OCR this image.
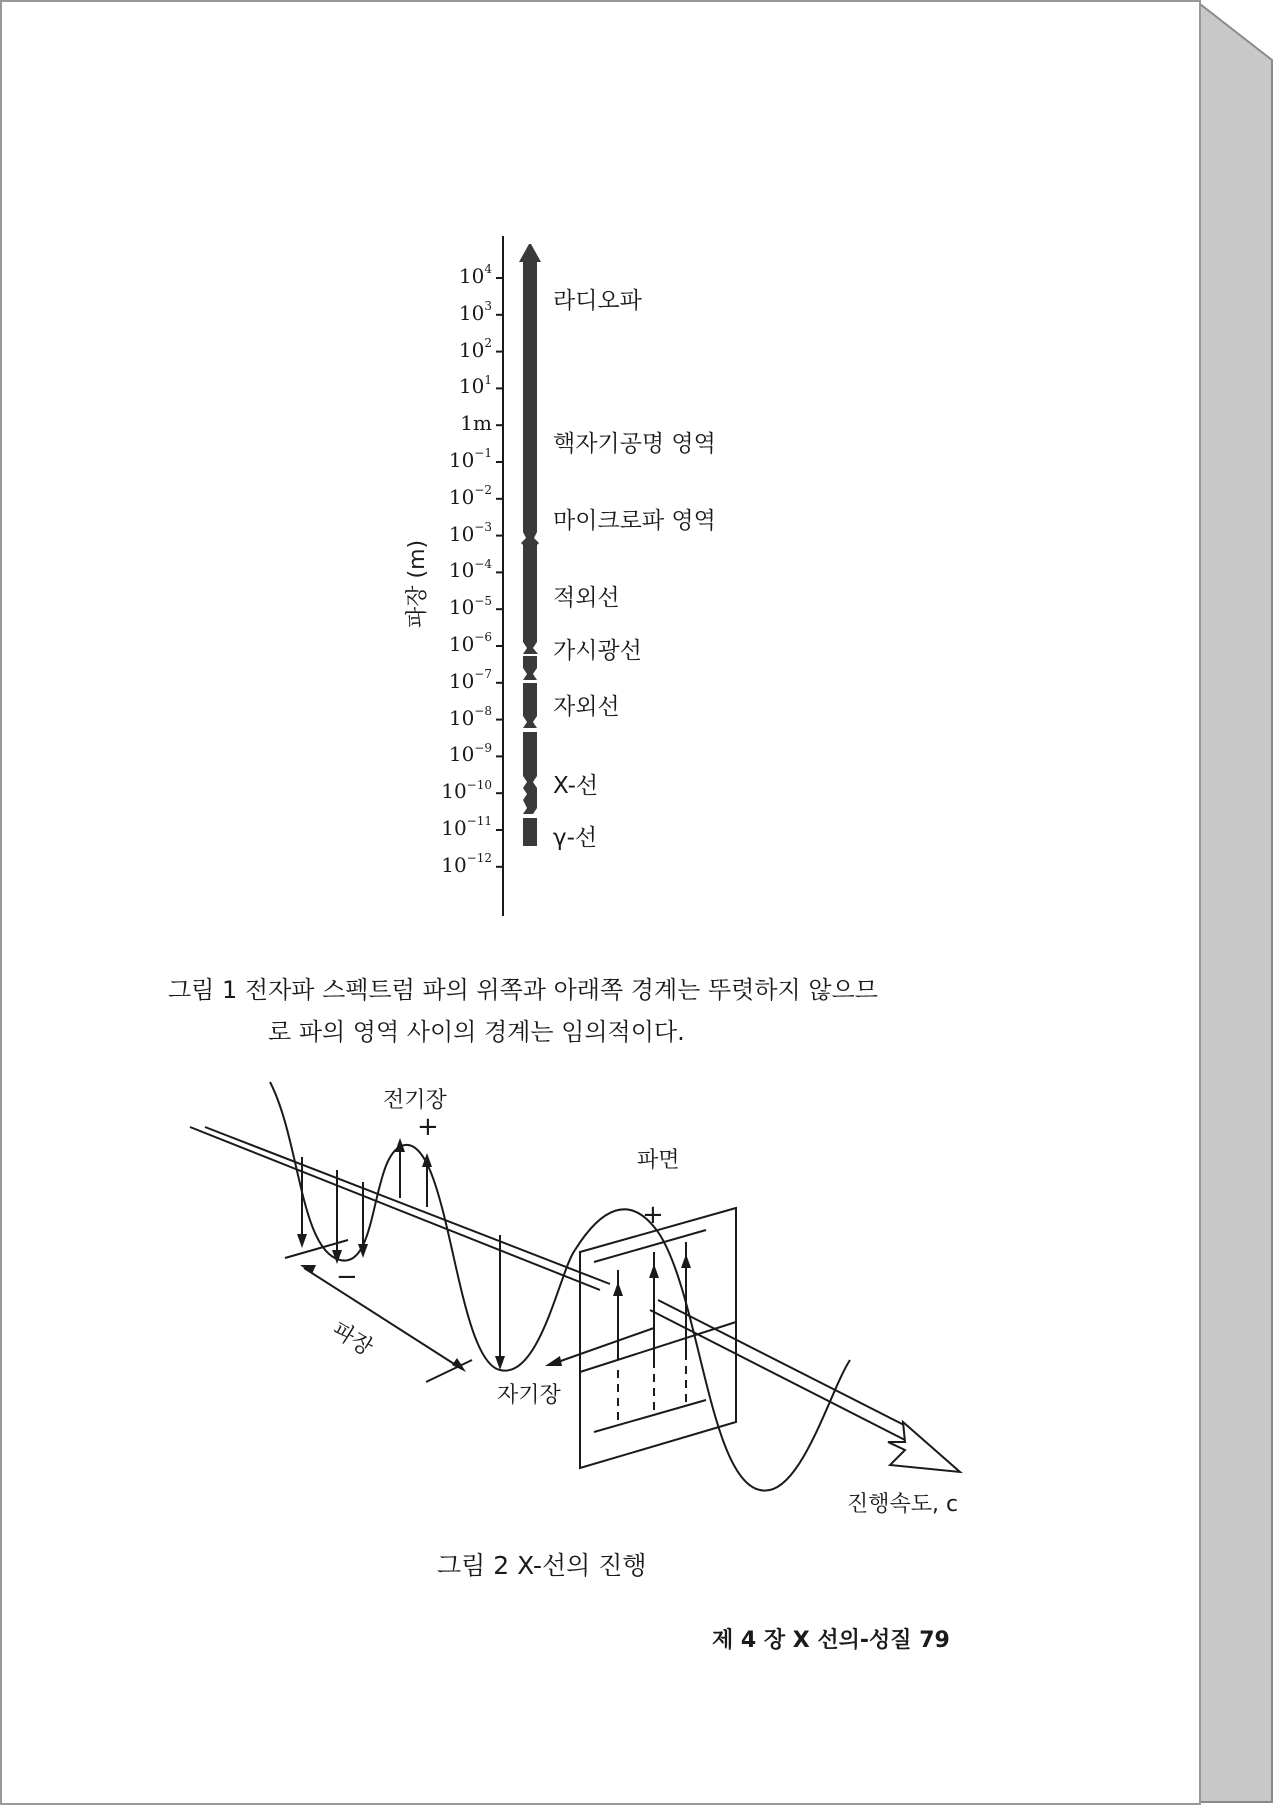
파장 (m)
$10^4$
$10^3$
$10^2$
$10^1$
1m
$10^{-1}$
$10^{-2}$
$10^{-3}$
$10^{-4}$
$10^{-5}$
$10^{-6}$
$10^{-7}$
$10^{-8}$
$10^{-9}$
$10^{-10}$
$10^{-11}$
$10^{-12}$
라디오파
핵자기공명 영역
마이크로파 영역
적외선
가시광선
자외선
X-선
γ-선
그림 1 전자파 스펙트럼 파의 위쪽과 아래쪽 경계는 뚜렷하지 않으므
로 파의 영역 사이의 경계는 임의적이다.
전기장
+
−
파장
파면
+
자기장
진행속도, c
그림 2 X-선의 진행
제 4 장 X 선의-성질 79
